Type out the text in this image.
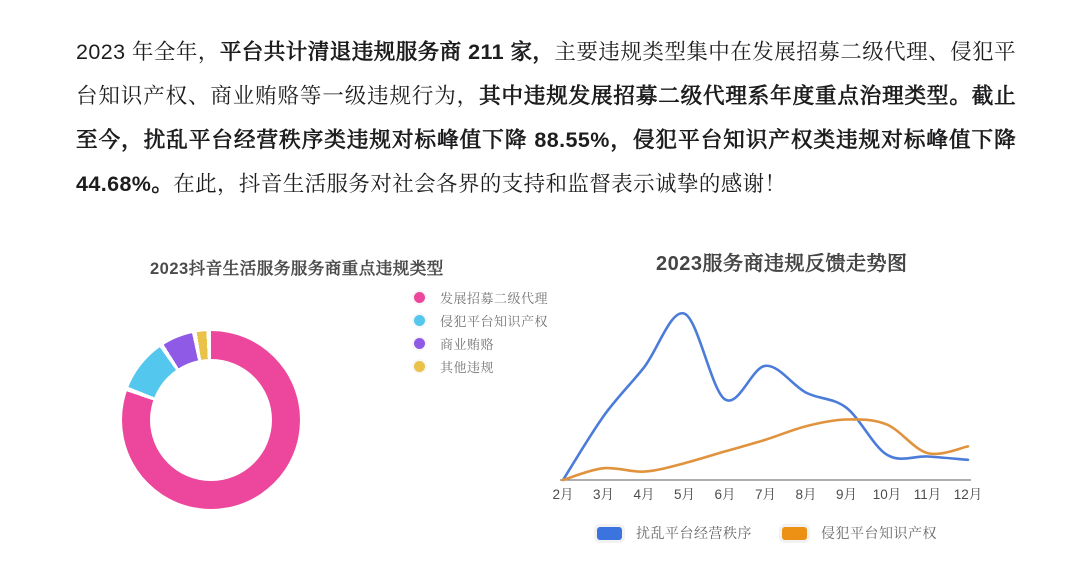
2023 年全年，平台共计清退违规服务商 211 家，主要违规类型集中在发展招募二级代理、侵犯平台知识产权、商业贿赂等一级违规行为，其中违规发展招募二级代理系年度重点治理类型。截止至今，扰乱平台经营秩序类违规对标峰值下降 88.55%，侵犯平台知识产权类违规对标峰值下降 44.68%。在此，抖音生活服务对社会各界的支持和监督表示诚挚的感谢！

2023抖音生活服务服务商重点违规类型
发展招募二级代理
侵犯平台知识产权
商业贿赂
其他违规
2023服务商违规反馈走势图
2月 3月 4月 5月 6月 7月 8月 9月 10月 11月 12月
扰乱平台经营秩序	侵犯平台知识产权
